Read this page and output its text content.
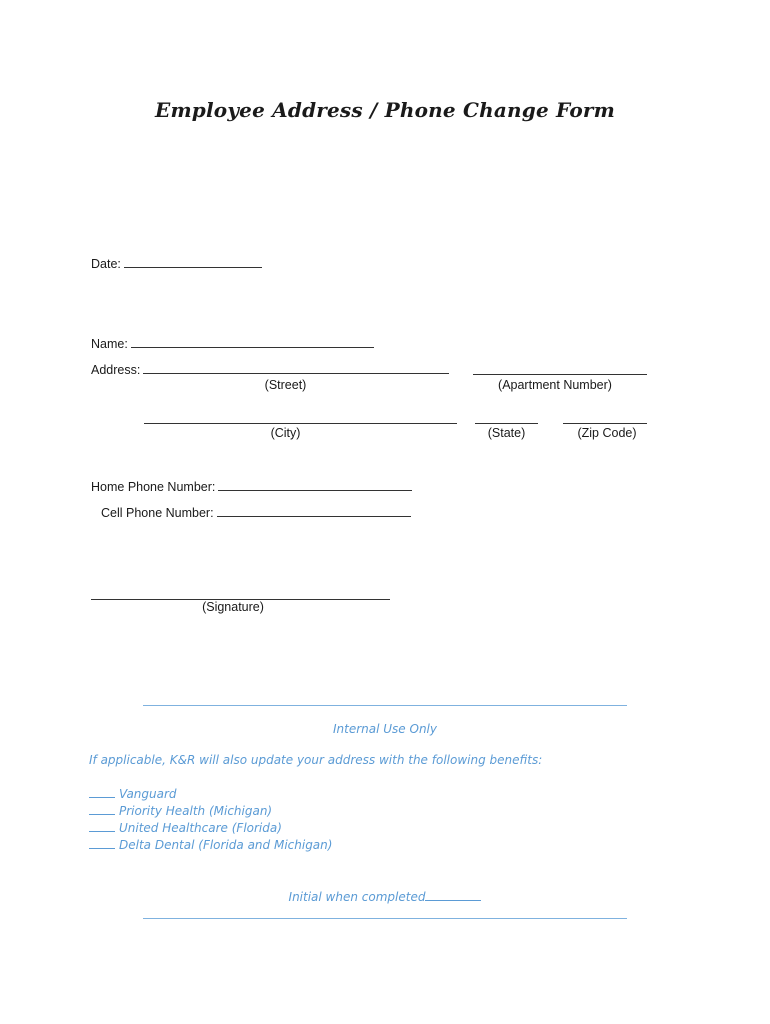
Employee Address / Phone Change Form
Date:
Name:
Address:
(Street)	(Apartment Number)
(City)	(State)	(Zip Code)
Home Phone Number:
Cell Phone Number:
(Signature)
Internal Use Only
If applicable, K&R will also update your address with the following benefits:
Vanguard
Priority Health (Michigan)
United Healthcare (Florida)
Delta Dental (Florida and Michigan)
Initial when completed
